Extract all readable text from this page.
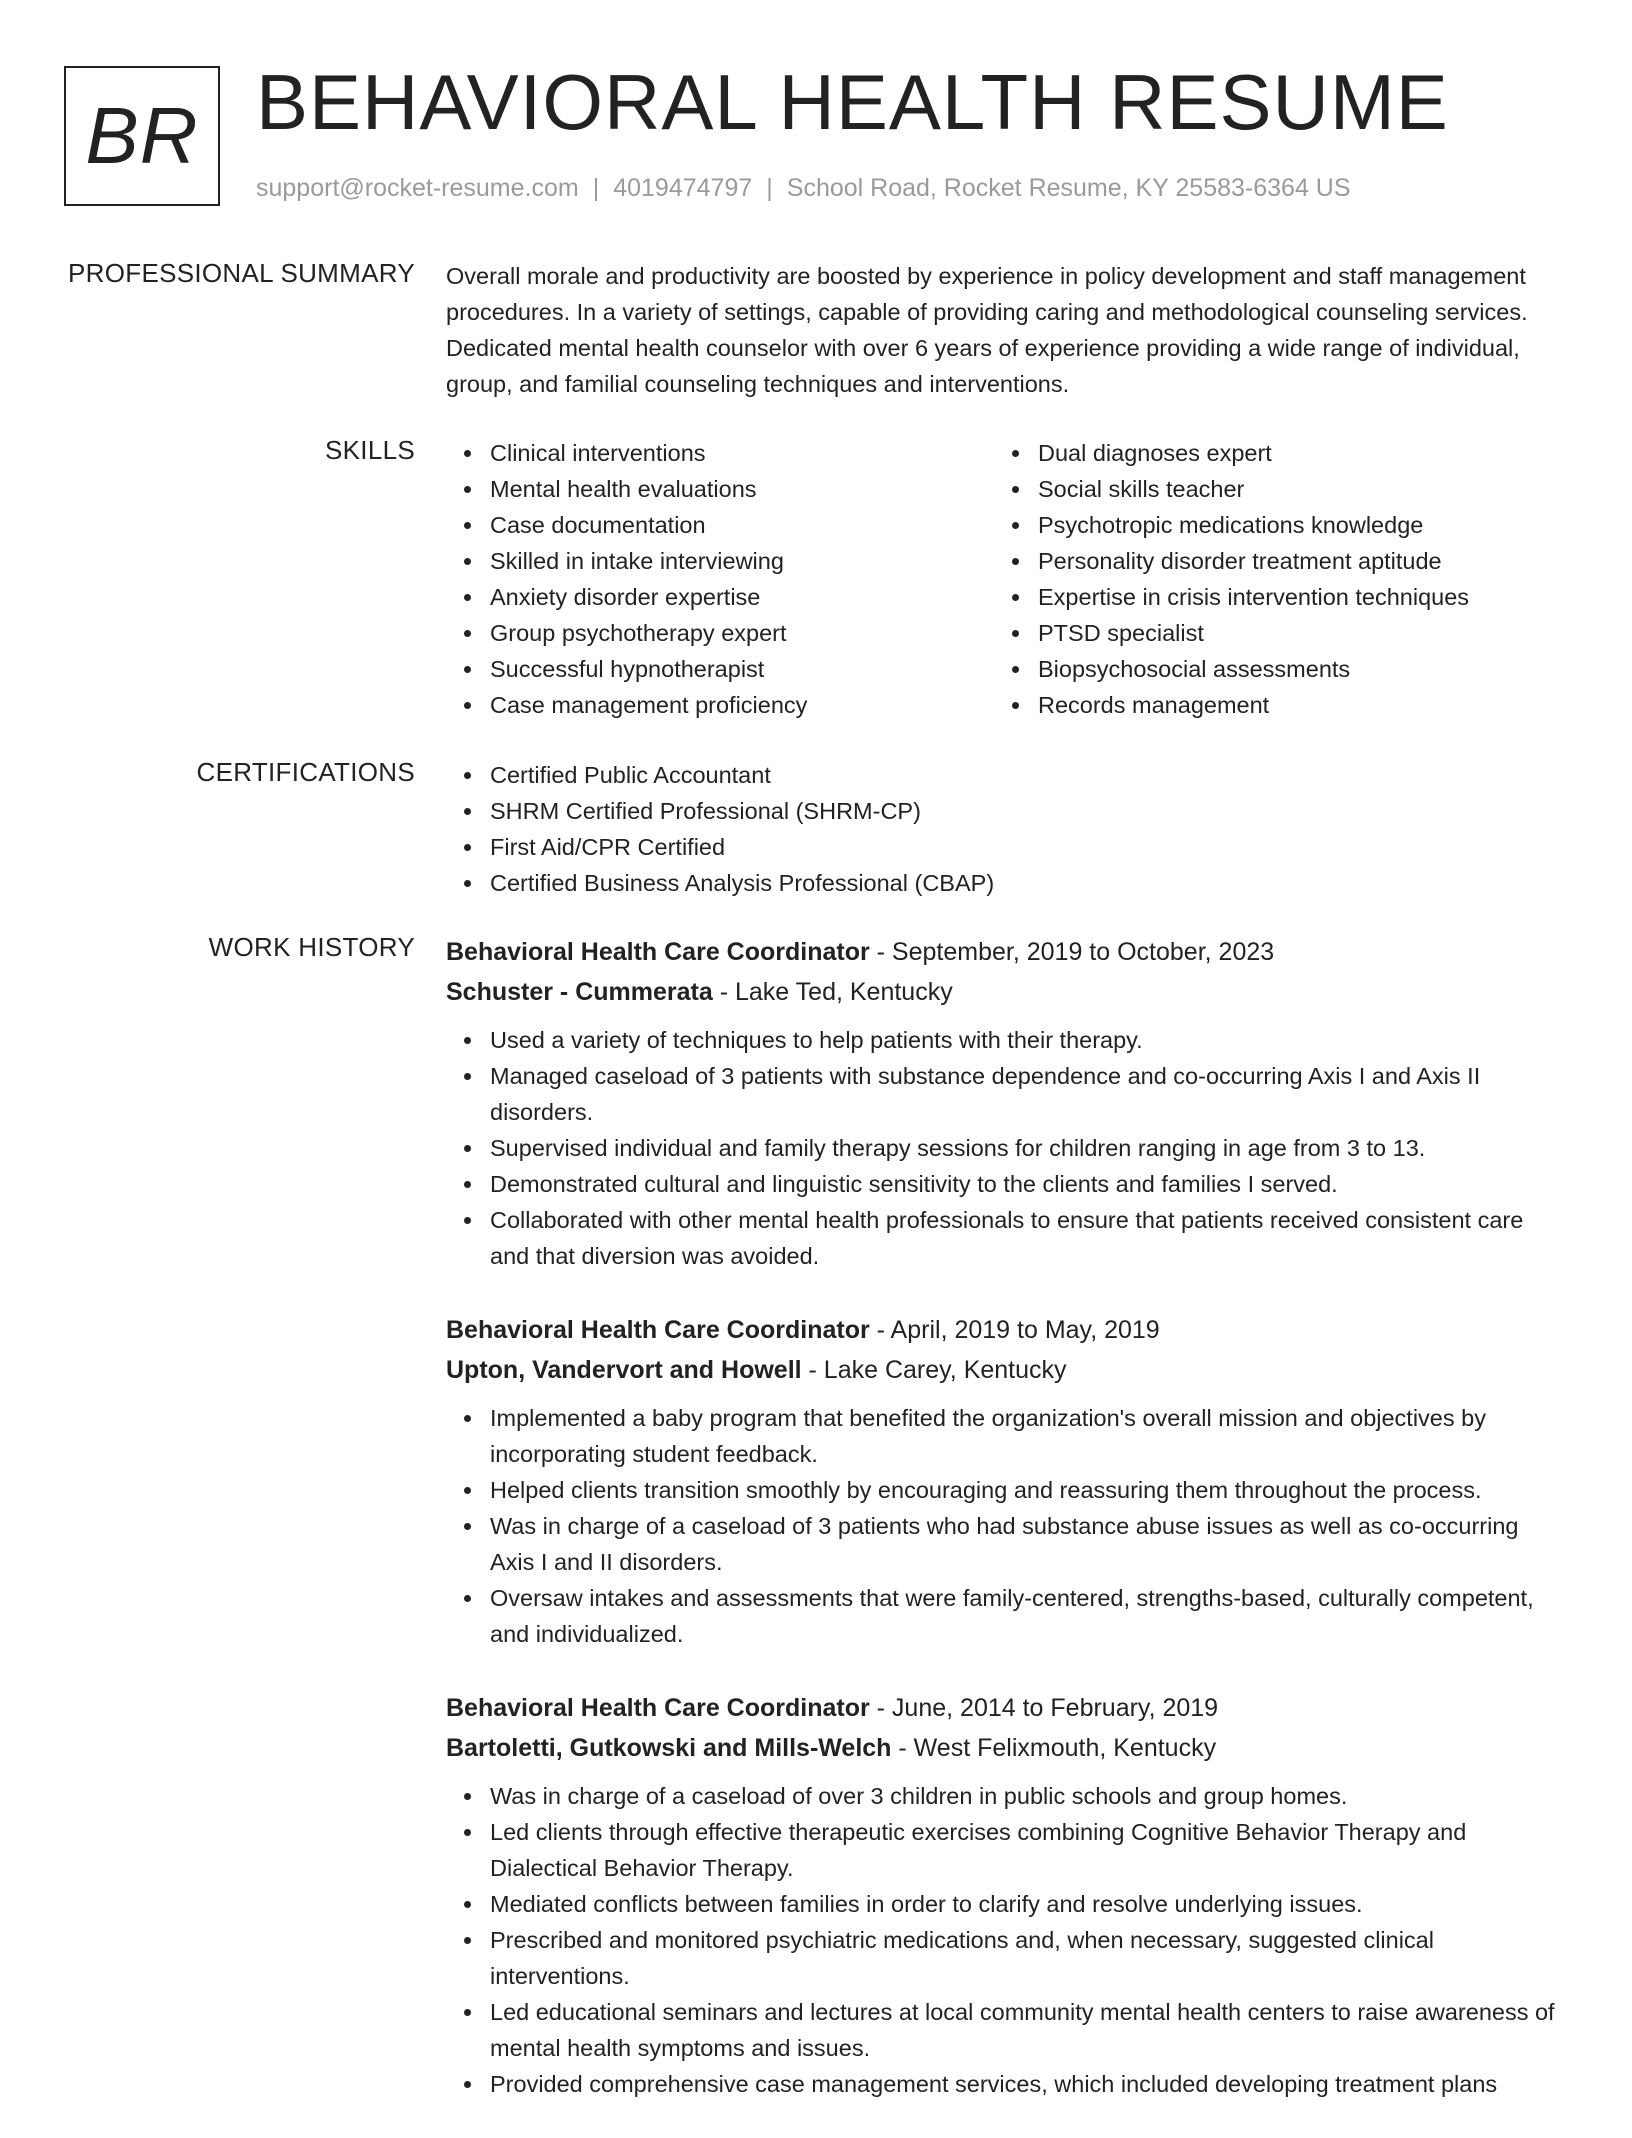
BR BEHAVIORAL HEALTH RESUME
support@rocket-resume.com | 4019474797 | School Road, Rocket Resume, KY 25583-6364 US
PROFESSIONAL SUMMARY Overall morale and productivity are boosted by experience in policy development and staff management procedures. In a variety of settings, capable of providing caring and methodological counseling services. Dedicated mental health counselor with over 6 years of experience providing a wide range of individual, group, and familial counseling techniques and interventions.

SKILLS	Clinical interventions
Mental health evaluations
Case documentation
Skilled in intake interviewing
Anxiety disorder expertise
Group psychotherapy expert
Successful hypnotherapist
Case management proficiency
Dual diagnoses expert
Social skills teacher
Psychotropic medications knowledge
Personality disorder treatment aptitude
Expertise in crisis intervention techniques
PTSD specialist
Biopsychosocial assessments
Records management
CERTIFICATIONS	Certified Public Accountant
SHRM Certified Professional (SHRM-CP)
First Aid/CPR Certified
Certified Business Analysis Professional (CBAP)
WORK HISTORY Behavioral Health Care Coordinator - September, 2019 to October, 2023
Schuster - Cummerata - Lake Ted, Kentucky
Used a variety of techniques to help patients with their therapy.
Managed caseload of 3 patients with substance dependence and co-occurring Axis I and Axis II disorders.
Supervised individual and family therapy sessions for children ranging in age from 3 to 13.
Demonstrated cultural and linguistic sensitivity to the clients and families I served.
Collaborated with other mental health professionals to ensure that patients received consistent care and that diversion was avoided.
Behavioral Health Care Coordinator - April, 2019 to May, 2019
Upton, Vandervort and Howell - Lake Carey, Kentucky
Implemented a baby program that benefited the organization's overall mission and objectives by incorporating student feedback.
Helped clients transition smoothly by encouraging and reassuring them throughout the process.
Was in charge of a caseload of 3 patients who had substance abuse issues as well as co-occurring Axis I and II disorders.
Oversaw intakes and assessments that were family-centered, strengths-based, culturally competent, and individualized.
Behavioral Health Care Coordinator - June, 2014 to February, 2019
Bartoletti, Gutkowski and Mills-Welch - West Felixmouth, Kentucky
Was in charge of a caseload of over 3 children in public schools and group homes.
Led clients through effective therapeutic exercises combining Cognitive Behavior Therapy and Dialectical Behavior Therapy.
Mediated conflicts between families in order to clarify and resolve underlying issues.
Prescribed and monitored psychiatric medications and, when necessary, suggested clinical interventions.
Led educational seminars and lectures at local community mental health centers to raise awareness of mental health symptoms and issues.
Provided comprehensive case management services, which included developing treatment plans
